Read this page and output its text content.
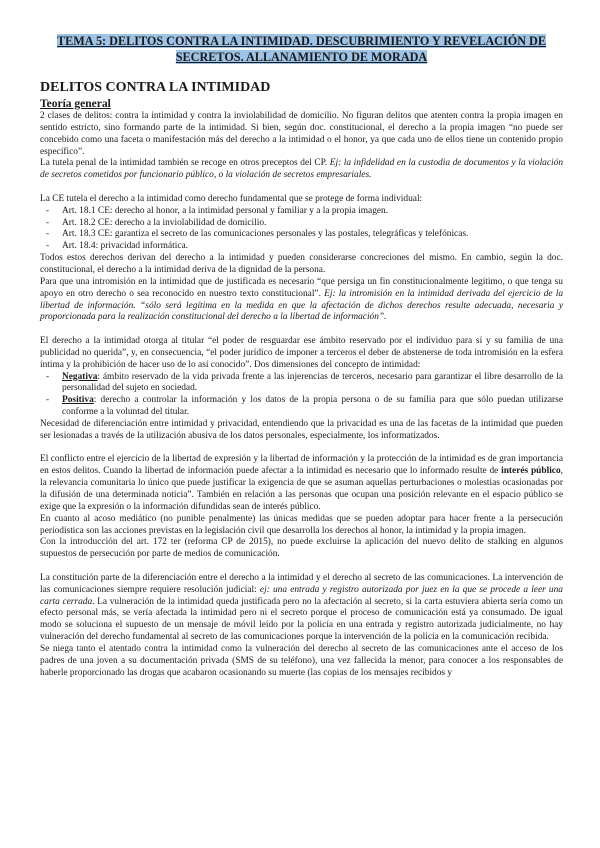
TEMA 5: DELITOS CONTRA LA INTIMIDAD. DESCUBRIMIENTO Y REVELACIÓN DE
SECRETOS. ALLANAMIENTO DE MORADA
DELITOS CONTRA LA INTIMIDAD
Teoría general

2 clases de delitos: contra la intimidad y contra la inviolabilidad de domicilio. No figuran delitos que atenten contra la propia imagen en sentido estricto, sino formando parte de la intimidad. Si bien, según doc. constitucional, el derecho a la propia imagen “no puede ser concebido como una faceta o manifestación más del derecho a la intimidad o el honor, ya que cada uno de ellos tiene un contenido propio específico”.

La tutela penal de la intimidad también se recoge en otros preceptos del CP. Ej: la infidelidad en la custodia de documentos y la violación de secretos cometidos por funcionario público, o la violación de secretos empresariales.

La CE tutela el derecho a la intimidad como derecho fundamental que se protege de forma individual:

- Art. 18.1 CE: derecho al honor, a la intimidad personal y familiar y a la propia imagen.
- Art. 18.2 CE: derecho a la inviolabilidad de domicilio.
- Art. 18.3 CE: garantiza el secreto de las comunicaciones personales y las postales, telegráficas y telefónicas.
- Art. 18.4: privacidad informática.

Todos estos derechos derivan del derecho a la intimidad y pueden considerarse concreciones del mismo. En cambio, según la doc. constitucional, el derecho a la intimidad deriva de la dignidad de la persona.

Para que una intromisión en la intimidad que de justificada es necesario “que persiga un fin constitucionalmente legítimo, o que tenga su apoyo en otro derecho o sea reconocido en nuestro texto constitucional”. Ej: la intromisión en la intimidad derivada del ejercicio de la libertad de información. “sólo será legítima en la medida en que la afectación de dichos derechos resulte adecuada, necesaria y proporcionada para la realización constitucional del derecho a la libertad de información”.

El derecho a la intimidad otorga al titular “el poder de resguardar ese ámbito reservado por el individuo para sí y su familia de una publicidad no querida”, y, en consecuencia, “el poder jurídico de imponer a terceros el deber de abstenerse de toda intromisión en la esfera íntima y la prohibición de hacer uso de lo así conocido”. Dos dimensiones del concepto de intimidad:

- Negativa: ámbito reservado de la vida privada frente a las injerencias de terceros, necesario para garantizar el libre desarrollo de la personalidad del sujeto en sociedad.
- Positiva: derecho a controlar la información y los datos de la propia persona o de su familia para que sólo puedan utilizarse conforme a la voluntad del titular.

Necesidad de diferenciación entre intimidad y privacidad, entendiendo que la privacidad es una de las facetas de la intimidad que pueden ser lesionadas a través de la utilización abusiva de los datos personales, especialmente, los informatizados.

El conflicto entre el ejercicio de la libertad de expresión y la libertad de información y la protección de la intimidad es de gran importancia en estos delitos. Cuando la libertad de información puede afectar a la intimidad es necesario que lo informado resulte de interés público, la relevancia comunitaria lo único que puede justificar la exigencia de que se asuman aquellas perturbaciones o molestias ocasionadas por la difusión de una determinada noticia”. También en relación a las personas que ocupan una posición relevante en el espacio público se exige que la expresión o la información difundidas sean de interés público.

En cuanto al acoso mediático (no punible penalmente) las únicas medidas que se pueden adoptar para hacer frente a la persecución periodística son las acciones previstas en la legislación civil que desarrolla los derechos al honor, la intimidad y la propia imagen.

Con la introducción del art. 172 ter (reforma CP de 2015), no puede excluirse la aplicación del nuevo delito de stalking en algunos supuestos de persecución por parte de medios de comunicación.

La constitución parte de la diferenciación entre el derecho a la intimidad y el derecho al secreto de las comunicaciones. La intervención de las comunicaciones siempre requiere resolución judicial: ej: una entrada y registro autorizada por juez en la que se procede a leer una carta cerrada. La vulneración de la intimidad queda justificada pero no la afectación al secreto, si la carta estuviera abierta sería como un efecto personal más, se vería afectada la intimidad pero ni el secreto porque el proceso de comunicación está ya consumado. De igual modo se soluciona el supuesto de un mensaje de móvil leído por la policía en una entrada y registro autorizada judicialmente, no hay vulneración del derecho fundamental al secreto de las comunicaciones porque la intervención de la policía en la comunicación recibida.

Se niega tanto el atentado contra la intimidad como la vulneración del derecho al secreto de las comunicaciones ante el acceso de los padres de una joven a su documentación privada (SMS de su teléfono), una vez fallecida la menor, para conocer a los responsables de haberle proporcionado las drogas que acabaron ocasionando su muerte (las copias de los mensajes recibidos y
